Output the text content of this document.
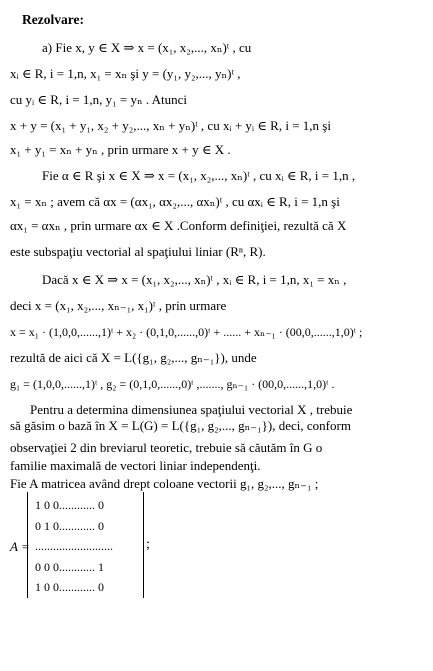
Rezolvare:
a) Fie x, y ∈ X ⇒ x = (x₁, x₂,..., xₙ)ᵗ , cu
xᵢ ∈ R, i = 1,n, x₁ = xₙ şi y = (y₁, y₂,..., yₙ)ᵗ ,
cu yᵢ ∈ R, i = 1,n, y₁ = yₙ . Atunci
x + y = (x₁ + y₁, x₂ + y₂,..., xₙ + yₙ)ᵗ , cu xᵢ + yᵢ ∈ R, i = 1,n şi
x₁ + y₁ = xₙ + yₙ , prin urmare x + y ∈ X .
Fie α ∈ R şi x ∈ X ⇒ x = (x₁, x₂,..., xₙ)ᵗ , cu xᵢ ∈ R, i = 1,n ,
x₁ = xₙ ; avem că αx = (αx₁, αx₂,..., αxₙ)ᵗ , cu αxᵢ ∈ R, i = 1,n şi
αx₁ = αxₙ , prin urmare αx ∈ X .Conform definiţiei, rezultă că X
este subspaţiu vectorial al spaţiului liniar (Rⁿ, R).
Dacă x ∈ X ⇒ x = (x₁, x₂,..., xₙ)ᵗ , xᵢ ∈ R, i = 1,n, x₁ = xₙ ,
deci x = (x₁, x₂,..., xₙ₋₁, x₁)ᵗ , prin urmare
x = x₁ · (1,0,0,......,1)ᵗ + x₂ · (0,1,0,......,0)ᵗ + ...... + xₙ₋₁ · (00,0,......,1,0)ᵗ ;
rezultă de aici că X = L({g₁, g₂,..., gₙ₋₁}), unde
g₁ = (1,0,0,......,1)ᵗ , g₂ = (0,1,0,......,0)ᵗ ,......., gₙ₋₁ · (00,0,......,1,0)ᵗ .
Pentru a determina dimensiunea spaţiului vectorial X , trebuie
să găsim o bază în X = L(G) = L({g₁, g₂,..., gₙ₋₁}), deci, conform
observaţiei 2 din breviarul teoretic, trebuie să căutăm în G o
familie maximală de vectori liniar independenţi.
Fie A matricea având drept coloane vectorii g₁, g₂,..., gₙ₋₁ ;
A =
1 0 0............ 0
0 1 0............ 0
..........................
0 0 0............ 1
1 0 0............ 0
;
